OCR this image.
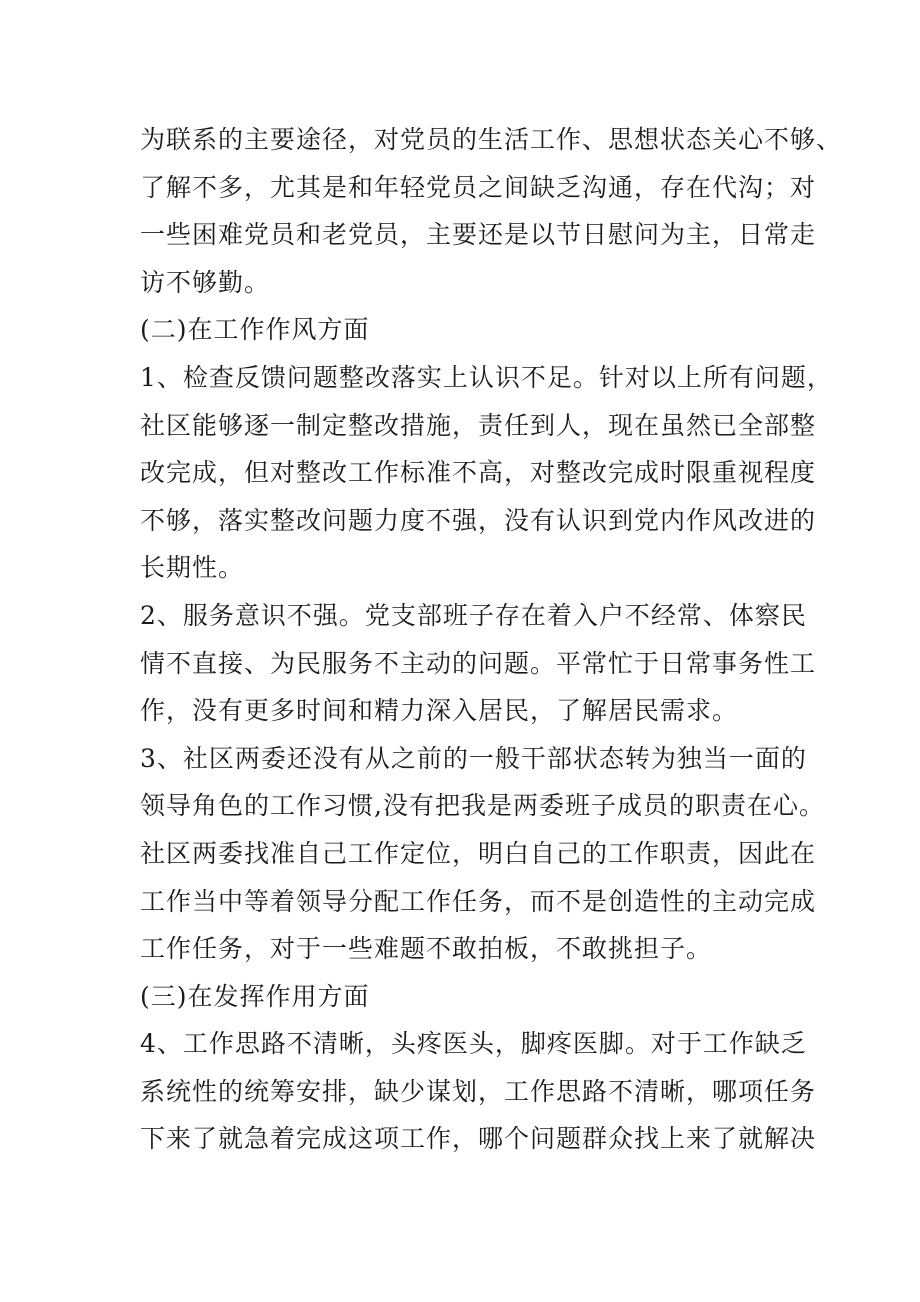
为联系的主要途径，对党员的生活工作、思想状态关心不够、
了解不多，尤其是和年轻党员之间缺乏沟通，存在代沟；对
一些困难党员和老党员，主要还是以节日慰问为主，日常走
访不够勤。
(二)在工作作风方面
1、检查反馈问题整改落实上认识不足。针对以上所有问题，
社区能够逐一制定整改措施，责任到人，现在虽然已全部整
改完成，但对整改工作标准不高，对整改完成时限重视程度
不够，落实整改问题力度不强，没有认识到党内作风改进的
长期性。
2、服务意识不强。党支部班子存在着入户不经常、体察民
情不直接、为民服务不主动的问题。平常忙于日常事务性工
作，没有更多时间和精力深入居民，了解居民需求。
3、社区两委还没有从之前的一般干部状态转为独当一面的
领导角色的工作习惯,没有把我是两委班子成员的职责在心。
社区两委找准自己工作定位，明白自己的工作职责，因此在
工作当中等着领导分配工作任务，而不是创造性的主动完成
工作任务，对于一些难题不敢拍板，不敢挑担子。
(三)在发挥作用方面
4、工作思路不清晰，头疼医头，脚疼医脚。对于工作缺乏
系统性的统筹安排，缺少谋划，工作思路不清晰，哪项任务
下来了就急着完成这项工作，哪个问题群众找上来了就解决
